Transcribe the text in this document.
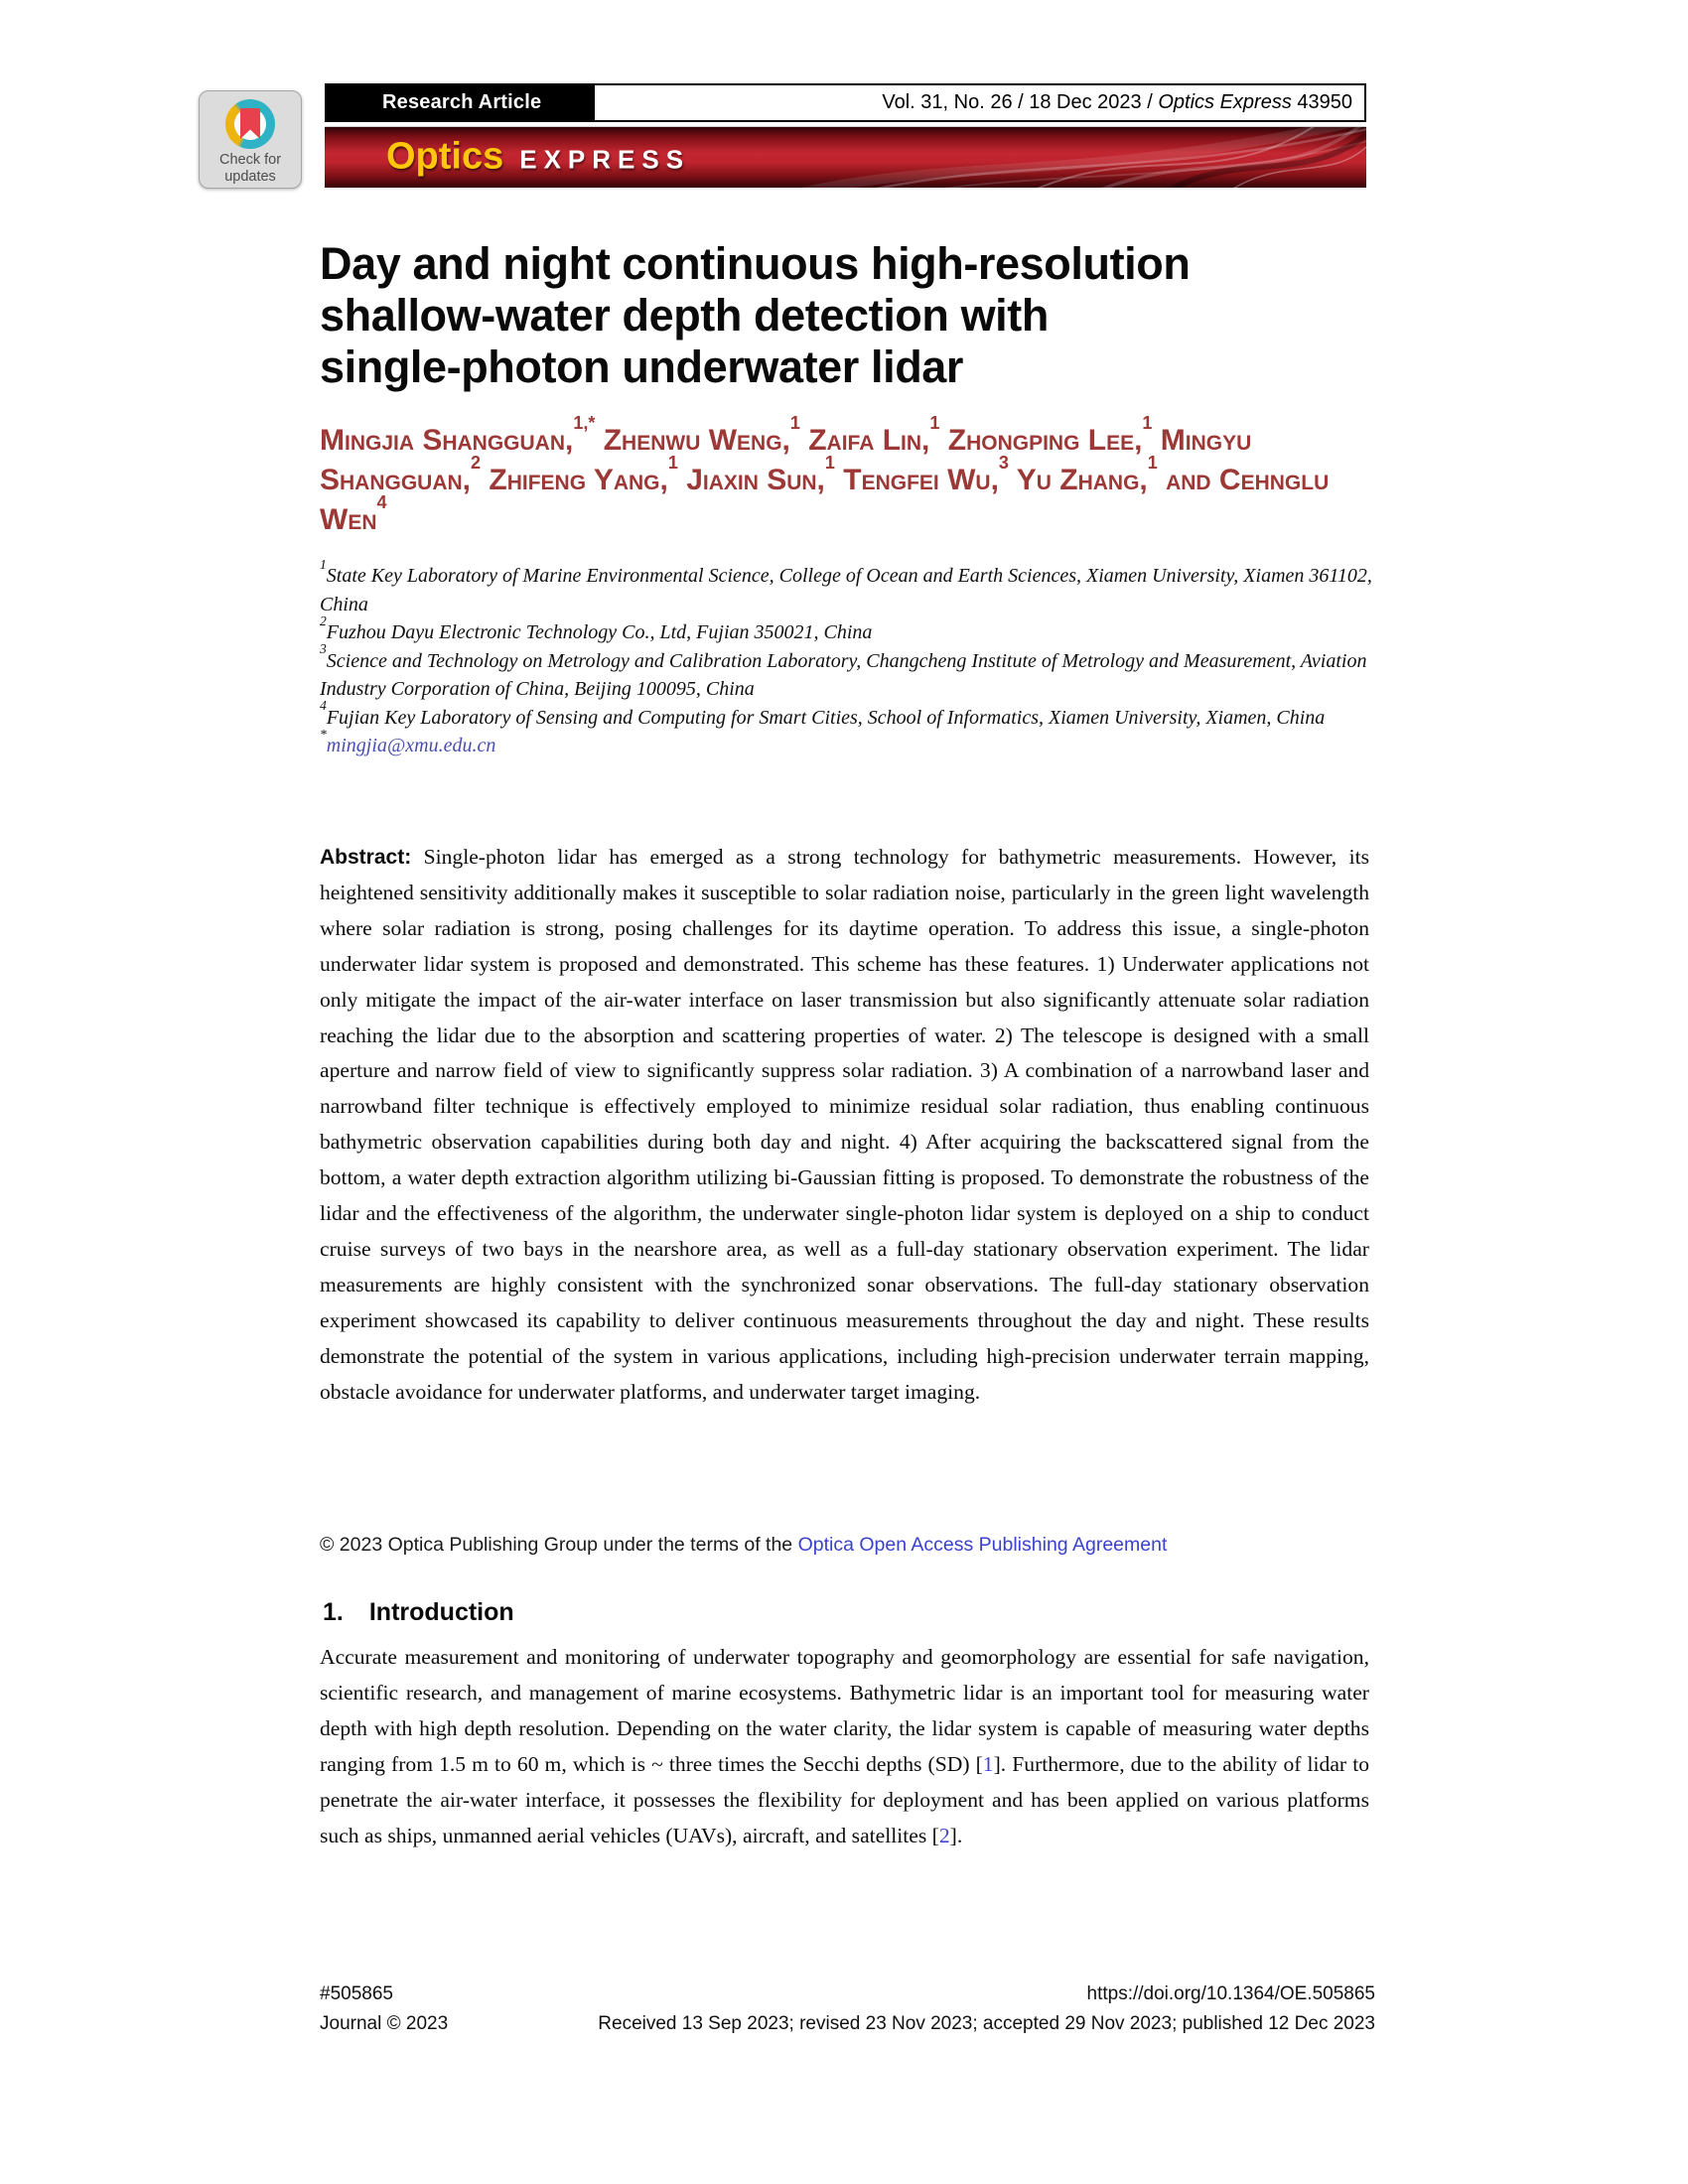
Check for
updates
Research Article	Vol. 31, No. 26 / 18 Dec 2023 / Optics Express 43950
Optics EXPRESS
Day and night continuous high-resolution
shallow-water depth detection with
single-photon underwater lidar
Mingjia Shangguan,$^{1,*}$ Zhenwu Weng,$^1$ Zaifa Lin,$^1$ Zhongping Lee,$^1$ Mingyu Shangguan,$^2$ Zhifeng Yang,$^1$ Jiaxin Sun,$^1$ Tengfei Wu,$^3$ Yu Zhang,$^1$ and Cehnglu Wen$^4$
$^1$State Key Laboratory of Marine Environmental Science, College of Ocean and Earth Sciences, Xiamen University, Xiamen 361102, China
$^2$Fuzhou Dayu Electronic Technology Co., Ltd, Fujian 350021, China
$^3$Science and Technology on Metrology and Calibration Laboratory, Changcheng Institute of Metrology and Measurement, Aviation Industry Corporation of China, Beijing 100095, China
$^4$Fujian Key Laboratory of Sensing and Computing for Smart Cities, School of Informatics, Xiamen University, Xiamen, China
*mingjia@xmu.edu.cn
Abstract: Single-photon lidar has emerged as a strong technology for bathymetric measurements. However, its heightened sensitivity additionally makes it susceptible to solar radiation noise, particularly in the green light wavelength where solar radiation is strong, posing challenges for its daytime operation. To address this issue, a single-photon underwater lidar system is proposed and demonstrated. This scheme has these features. 1) Underwater applications not only mitigate the impact of the air-water interface on laser transmission but also significantly attenuate solar radiation reaching the lidar due to the absorption and scattering properties of water. 2) The telescope is designed with a small aperture and narrow field of view to significantly suppress solar radiation. 3) A combination of a narrowband laser and narrowband filter technique is effectively employed to minimize residual solar radiation, thus enabling continuous bathymetric observation capabilities during both day and night. 4) After acquiring the backscattered signal from the bottom, a water depth extraction algorithm utilizing bi-Gaussian fitting is proposed. To demonstrate the robustness of the lidar and the effectiveness of the algorithm, the underwater single-photon lidar system is deployed on a ship to conduct cruise surveys of two bays in the nearshore area, as well as a full-day stationary observation experiment. The lidar measurements are highly consistent with the synchronized sonar observations. The full-day stationary observation experiment showcased its capability to deliver continuous measurements throughout the day and night. These results demonstrate the potential of the system in various applications, including high-precision underwater terrain mapping, obstacle avoidance for underwater platforms, and underwater target imaging.
© 2023 Optica Publishing Group under the terms of the Optica Open Access Publishing Agreement
1. Introduction
Accurate measurement and monitoring of underwater topography and geomorphology are essential for safe navigation, scientific research, and management of marine ecosystems. Bathymetric lidar is an important tool for measuring water depth with high depth resolution. Depending on the water clarity, the lidar system is capable of measuring water depths ranging from 1.5 m to 60 m, which is ~ three times the Secchi depths (SD) [1]. Furthermore, due to the ability of lidar to penetrate the air-water interface, it possesses the flexibility for deployment and has been applied on various platforms such as ships, unmanned aerial vehicles (UAVs), aircraft, and satellites [2].
#505865	https://doi.org/10.1364/OE.505865
Journal © 2023	Received 13 Sep 2023; revised 23 Nov 2023; accepted 29 Nov 2023; published 12 Dec 2023
